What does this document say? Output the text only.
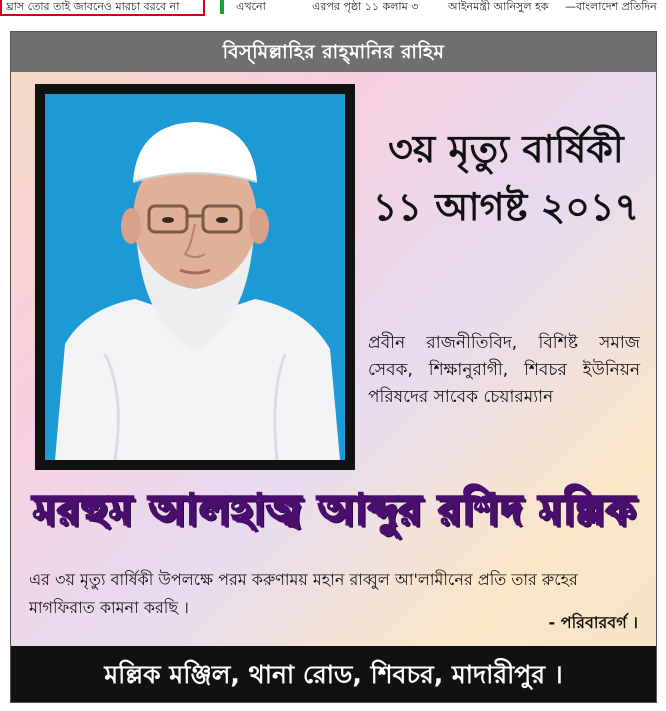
ঘ্রাস তোর তাই জাবনেও মারচা বরবে না	এখনো	এরপর পৃষ্ঠা ১১ কলাম ৩	আইনমন্ত্রী আনিসুল হক —বাংলাদেশ প্রতিদিন
বিস্‌মিল্লাহির রাহ্‌মানির রাহিম
৩য় মৃত্যু বার্ষিকী
১১ আগষ্ট ২০১৭
প্রবীন রাজনীতিবিদ, বিশিষ্ট সমাজ সেবক, শিক্ষানুরাগী, শিবচর ইউনিয়ন পরিষদের সাবেক চেয়ারম্যান
মরহুম আলহাজ্ব আব্দুর রশিদ মল্লিক
এর ৩য় মৃত্যু বার্ষিকী উপলক্ষে পরম করুণাময় মহান রাব্বুল আ'লামীনের প্রতি তার রুহের মাগফিরাত কামনা করছি ।
- পরিবারবর্গ ।
মল্লিক মঞ্জিল, থানা রোড, শিবচর, মাদারীপুর ।
